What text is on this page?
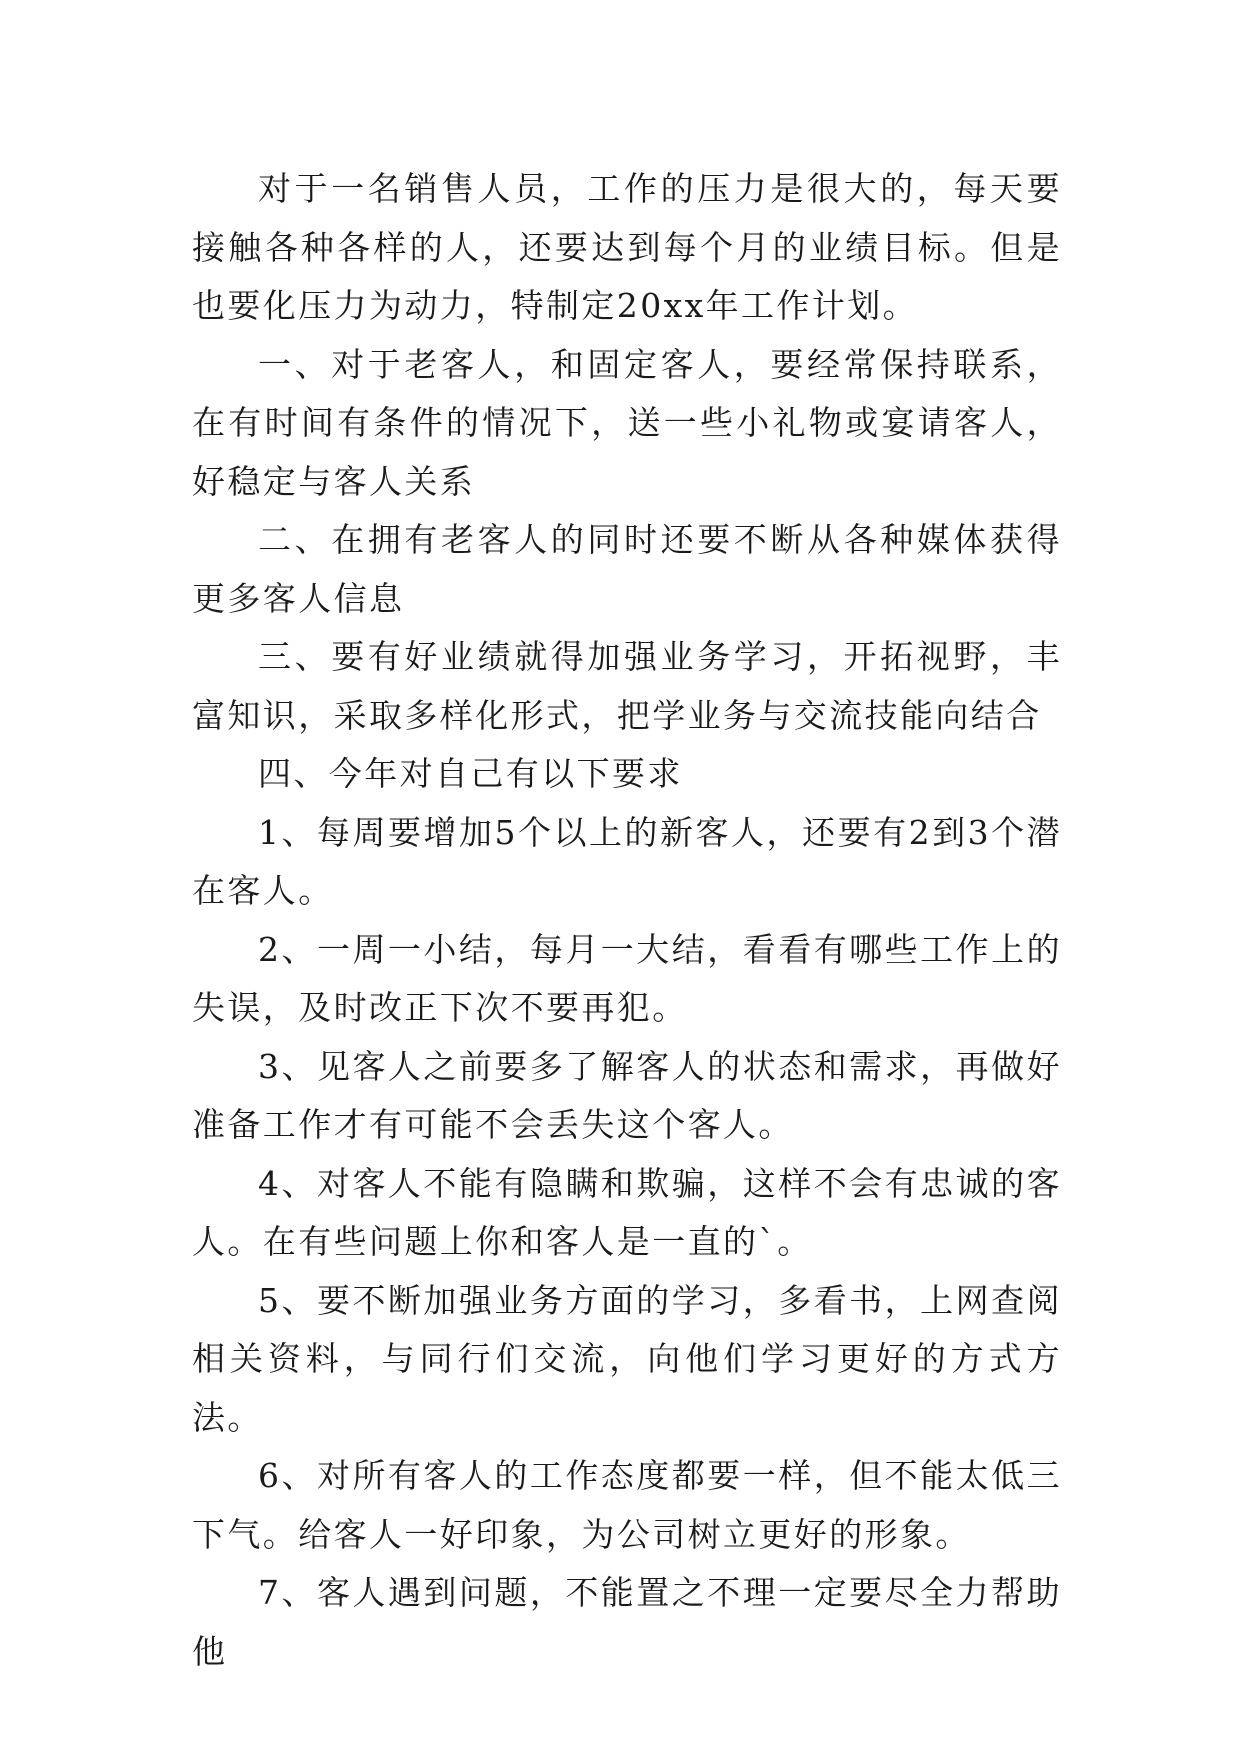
对于一名销售人员，工作的压力是很大的，每天要接触各种各样的人，还要达到每个月的业绩目标。但是也要化压力为动力，特制定20xx年工作计划。

一、对于老客人，和固定客人，要经常保持联系，在有时间有条件的情况下，送一些小礼物或宴请客人，好稳定与客人关系

二、在拥有老客人的同时还要不断从各种媒体获得更多客人信息

三、要有好业绩就得加强业务学习，开拓视野，丰富知识，采取多样化形式，把学业务与交流技能向结合

四、今年对自己有以下要求

1、每周要增加5个以上的新客人，还要有2到3个潜在客人。

2、一周一小结，每月一大结，看看有哪些工作上的失误，及时改正下次不要再犯。

3、见客人之前要多了解客人的状态和需求，再做好准备工作才有可能不会丢失这个客人。

4、对客人不能有隐瞒和欺骗，这样不会有忠诚的客人。在有些问题上你和客人是一直的`。

5、要不断加强业务方面的学习，多看书，上网查阅相关资料，与同行们交流，向他们学习更好的方式方法。

6、对所有客人的工作态度都要一样，但不能太低三下气。给客人一好印象，为公司树立更好的形象。

7、客人遇到问题，不能置之不理一定要尽全力帮助他
